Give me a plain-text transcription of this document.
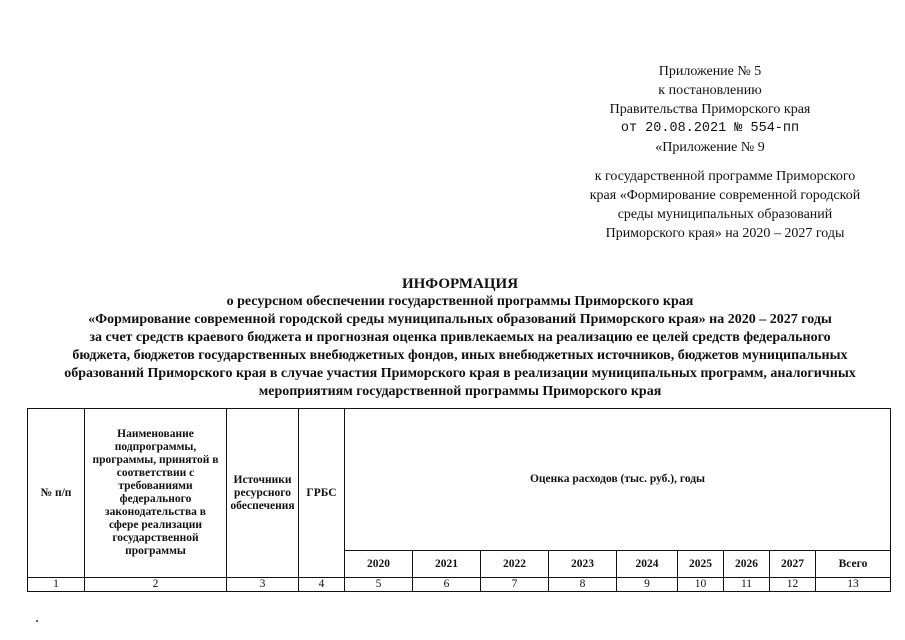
Приложение № 5
к постановлению
Правительства Приморского края
от 20.08.2021 № 554-пп
«Приложение № 9
к государственной программе Приморского
края «Формирование современной городской
среды муниципальных образований
Приморского края» на 2020 – 2027 годы
ИНФОРМАЦИЯ
о ресурсном обеспечении государственной программы Приморского края
«Формирование современной городской среды муниципальных образований Приморского края» на 2020 – 2027 годы
за счет средств краевого бюджета и прогнозная оценка привлекаемых на реализацию ее целей средств федерального
бюджета, бюджетов государственных внебюджетных фондов, иных внебюджетных источников, бюджетов муниципальных
образований Приморского края в случае участия Приморского края в реализации муниципальных программ, аналогичных
мероприятиям государственной программы Приморского края
№ п/п	Наименование подпрограммы, программы, принятой в соответствии с требованиями федерального законодательства в сфере реализации государственной программы	Источники ресурсного обеспечения	ГРБС	Оценка расходов (тыс. руб.), годы								
				2020	2021	2022	2023	2024	2025	2026	2027	Всего
1	2	3	4	5	6	7	8	9	10	11	12	13
